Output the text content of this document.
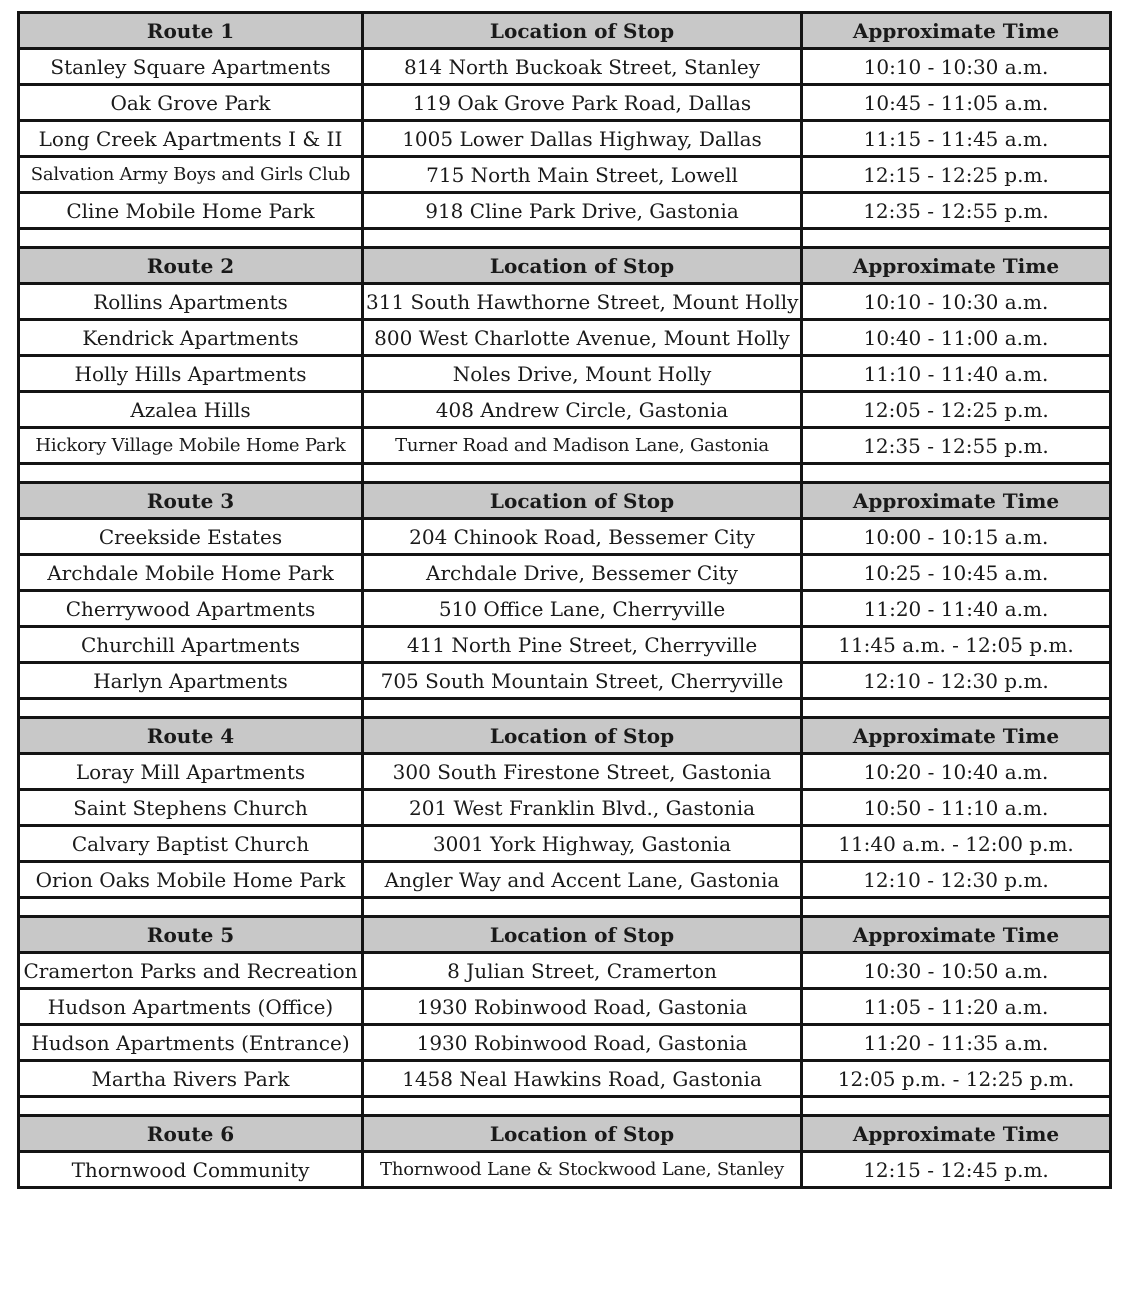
Route 1	Location of Stop	Approximate Time
Stanley Square Apartments	814 North Buckoak Street, Stanley	10:10 - 10:30 a.m.
Oak Grove Park	119 Oak Grove Park Road, Dallas	10:45 - 11:05 a.m.
Long Creek Apartments I & II	1005 Lower Dallas Highway, Dallas	11:15 - 11:45 a.m.
Salvation Army Boys and Girls Club	715 North Main Street, Lowell	12:15 - 12:25 p.m.
Cline Mobile Home Park	918 Cline Park Drive, Gastonia	12:35 - 12:55 p.m.

Route 2	Location of Stop	Approximate Time
Rollins Apartments	311 South Hawthorne Street, Mount Holly	10:10 - 10:30 a.m.
Kendrick Apartments	800 West Charlotte Avenue, Mount Holly	10:40 - 11:00 a.m.
Holly Hills Apartments	Noles Drive, Mount Holly	11:10 - 11:40 a.m.
Azalea Hills	408 Andrew Circle, Gastonia	12:05 - 12:25 p.m.
Hickory Village Mobile Home Park	Turner Road and Madison Lane, Gastonia	12:35 - 12:55 p.m.

Route 3	Location of Stop	Approximate Time
Creekside Estates	204 Chinook Road, Bessemer City	10:00 - 10:15 a.m.
Archdale Mobile Home Park	Archdale Drive, Bessemer City	10:25 - 10:45 a.m.
Cherrywood Apartments	510 Office Lane, Cherryville	11:20 - 11:40 a.m.
Churchill Apartments	411 North Pine Street, Cherryville	11:45 a.m. - 12:05 p.m.
Harlyn Apartments	705 South Mountain Street, Cherryville	12:10 - 12:30 p.m.

Route 4	Location of Stop	Approximate Time
Loray Mill Apartments	300 South Firestone Street, Gastonia	10:20 - 10:40 a.m.
Saint Stephens Church	201 West Franklin Blvd., Gastonia	10:50 - 11:10 a.m.
Calvary Baptist Church	3001 York Highway, Gastonia	11:40 a.m. - 12:00 p.m.
Orion Oaks Mobile Home Park	Angler Way and Accent Lane, Gastonia	12:10 - 12:30 p.m.

Route 5	Location of Stop	Approximate Time
Cramerton Parks and Recreation	8 Julian Street, Cramerton	10:30 - 10:50 a.m.
Hudson Apartments (Office)	1930 Robinwood Road, Gastonia	11:05 - 11:20 a.m.
Hudson Apartments (Entrance)	1930 Robinwood Road, Gastonia	11:20 - 11:35 a.m.
Martha Rivers Park	1458 Neal Hawkins Road, Gastonia	12:05 p.m. - 12:25 p.m.

Route 6	Location of Stop	Approximate Time
Thornwood Community	Thornwood Lane & Stockwood Lane, Stanley	12:15 - 12:45 p.m.
